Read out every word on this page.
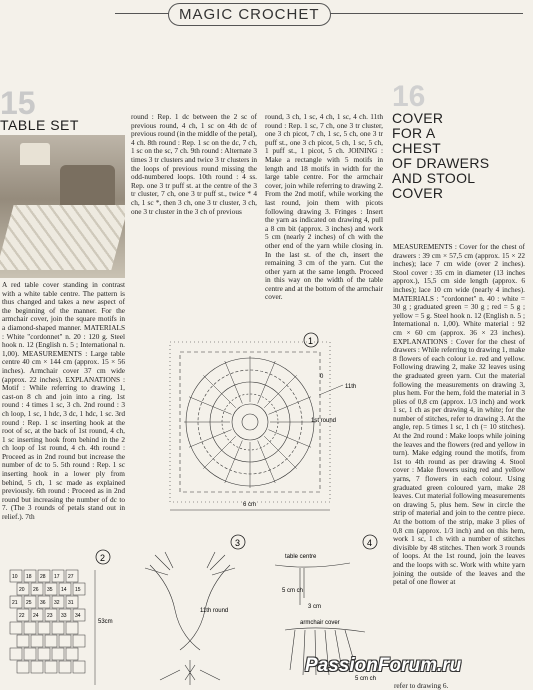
MAGIC CROCHET
15
TABLE SET

A red table cover standing in contrast with a white table centre. The pattern is thus changed and takes a new aspect of the beginning of the manner. For the armchair cover, join the square motifs in a diamond-shaped manner. MATERIALS : White "cordonnet" n. 20 : 120 g. Steel hook n. 12 (English n. 5 ; International n. 1,00). MEASUREMENTS : Large table centre 40 cm × 144 cm (approx. 15 × 56 inches). Armchair cover 37 cm wide (approx. 22 inches). EXPLANATIONS : Motif : While referring to drawing 1, cast-on 8 ch and join into a ring. 1st round : 4 times 1 sc, 3 ch. 2nd round : 3 ch loop, 1 sc, 1 hdc, 3 dc, 1 hdc, 1 sc. 3rd round : Rep. 1 sc inserting hook at the root of sc, at the back of 1st round, 4 ch, 1 sc inserting hook from behind in the 2 ch loop of 1st round, 4 ch. 4th round : Proceed as in 2nd round but increase the number of dc to 5. 5th round : Rep. 1 sc inserting hook in a lower ply from behind, 5 ch, 1 sc made as explained previously. 6th round : Proceed as in 2nd round but increasing the number of dc to 7. (The 3 rounds of petals stand out in relief.). 7th

round : Rep. 1 dc between the 2 sc of previous round, 4 ch, 1 sc on 4th dc of previous round (in the middle of the petal), 4 ch. 8th round : Rep. 1 sc on the dc, 7 ch, 1 sc on the sc, 7 ch. 9th round : Alternate 3 times 3 tr clusters and twice 3 tr clusters in the loops of previous round missing the odd-numbered loops. 10th round : 4 ss. Rep. one 3 tr puff st. at the centre of the 3 tr cluster, 7 ch, one 3 tr puff st., twice * 4 ch, 1 sc *, then 3 ch, one 3 tr cluster, 3 ch, one 3 tr cluster in the 3 ch of previous

round, 3 ch, 1 sc, 4 ch, 1 sc, 4 ch. 11th round : Rep. 1 sc, 7 ch, one 3 tr cluster, one 3 ch picot, 7 ch, 1 sc, 5 ch, one 3 tr puff st., one 3 ch picot, 5 ch, 1 sc, 5 ch, 1 puff st., 1 picot, 5 ch. JOINING : Make a rectangle with 5 motifs in length and 18 motifs in width for the large table centre. For the armchair cover, join while referring to drawing 2. From the 2nd motif, while working the last round, join them with picots following drawing 3. Fringes : Insert the yarn as indicated on drawing 4, pull a 8 cm bit (approx. 3 inches) and work 5 cm (nearly 2 inches) of ch with the other end of the yarn while closing in. In the last st. of the ch, insert the remaining 3 cm of the yarn. Cut the other yarn at the same length. Proceed in this way on the width of the table centre and at the bottom of the armchair cover.

16
COVER
FOR A
CHEST
OF DRAWERS
AND STOOL
COVER

MEASUREMENTS : Cover for the chest of drawers : 39 cm × 57,5 cm (approx. 15 × 22 inches); lace 7 cm wide (over 2 inches). Stool cover : 35 cm in diameter (13 inches approx.), 15,5 cm side length (approx. 6 inches); lace 10 cm wide (nearly 4 inches). MATERIALS : "cordonnet" n. 40 : white = 30 g ; graduated green = 30 g ; red = 5 g ; yellow = 5 g. Steel hook n. 12 (English n. 5 ; International n. 1,00). White material : 92 cm × 60 cm (approx. 36 × 23 inches). EXPLANATIONS : Cover for the chest of drawers : While referring to drawing 1, make 8 flowers of each colour i.e. red and yellow. Following drawing 2, make 32 leaves using the graduated green yarn. Cut the material following the measurements on drawing 3, plus hem. For the hem, fold the material in 3 plies of 0,8 cm (approx. 1/3 inch) and work 1 sc, 1 ch as per drawing 4, in white; for the number of stitches, refer to drawing 3. At the angle, rep. 5 times 1 sc, 1 ch (= 10 stitches). At the 2nd round : Make loops while joining the leaves and the flowers (red and yellow in turn). Make edging round the motifs, from 1st to 4th round as per drawing 4. Stool cover : Make flowers using red and yellow yarns, 7 flowers in each colour. Using graduated green coloured yarn, make 28 leaves. Cut material following measurements on drawing 5, plus hem. Sew in circle the strip of material and join to the centre piece. At the bottom of the strip, make 3 plies of 0,8 cm (approx. 1/3 inch) and on this hem, work 1 sc, 1 ch with a number of stitches divisible by 48 stitches. Then work 3 rounds of loops. At the 1st round, join the leaves and the loops with sc. Work with white yarn joining the outside of the leaves and the petal of one flower at

refer to drawing 6.
1
11th
1st round
0
6 cm
2
10 18 28 17 27
20 26 35 14 15
21 25 36 32 31
22 24 23 33 34
53cm
3
11th round
4
table centre
5 cm ch
3 cm
armchair cover
5 cm ch
PassionForum.ru
